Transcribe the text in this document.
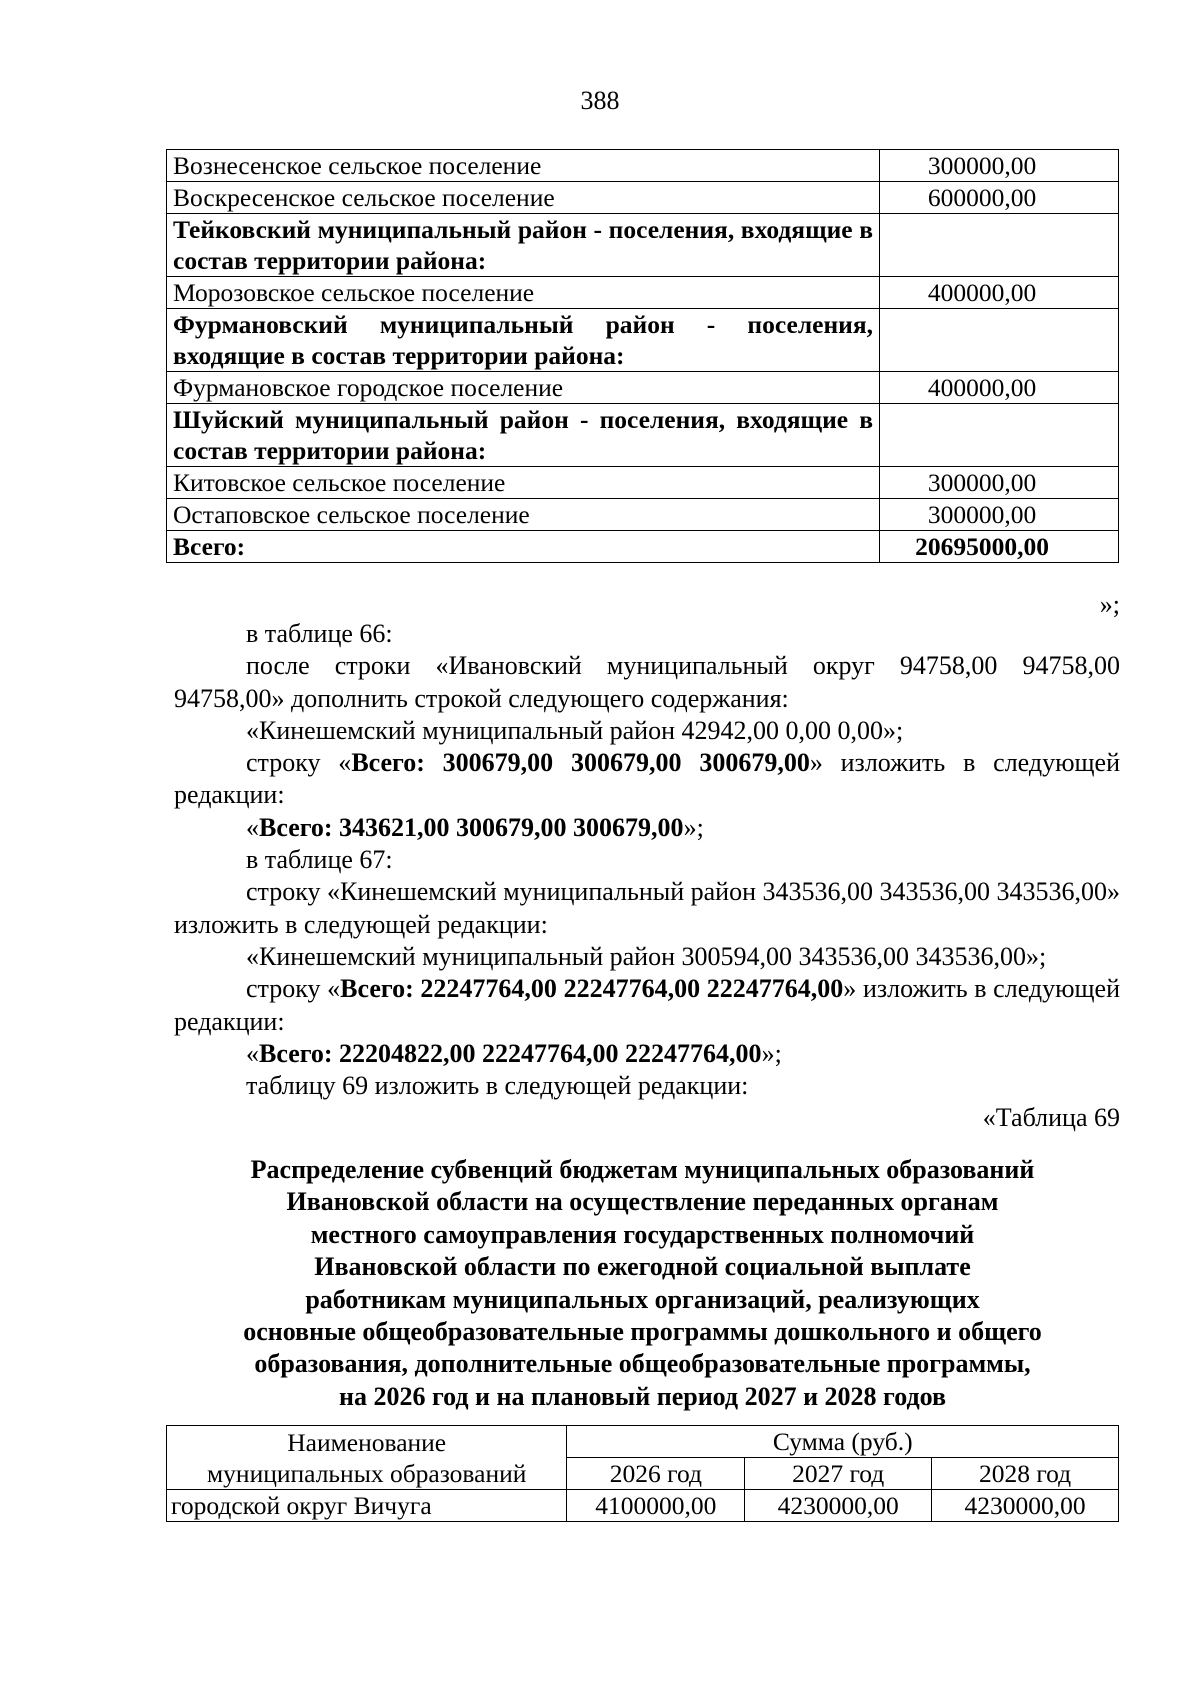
388
Вознесенское сельское поселение	300000,00
Воскресенское сельское поселение	600000,00
Тейковский муниципальный район - поселения, входящие в состав территории района:	
Морозовское сельское поселение	400000,00
Фурмановский муниципальный район - поселения, входящие в состав территории района:	
Фурмановское городское поселение	400000,00
Шуйский муниципальный район - поселения, входящие в состав территории района:	
Китовское сельское поселение	300000,00
Остаповское сельское поселение	300000,00
Всего:	20695000,00
»;

в таблице 66:

после строки «Ивановский муниципальный округ 94758,00 94758,00 94758,00» дополнить строкой следующего содержания:

«Кинешемский муниципальный район 42942,00 0,00 0,00»;

строку «Всего: 300679,00 300679,00 300679,00» изложить в следующей редакции:

«Всего: 343621,00 300679,00 300679,00»;

в таблице 67:

строку «Кинешемский муниципальный район 343536,00 343536,00 343536,00» изложить в следующей редакции:

«Кинешемский муниципальный район 300594,00 343536,00 343536,00»;

строку «Всего: 22247764,00 22247764,00 22247764,00» изложить в следующей редакции:

«Всего: 22204822,00 22247764,00 22247764,00»;

таблицу 69 изложить в следующей редакции:

«Таблица 69

Распределение субвенций бюджетам муниципальных образований
Ивановской области на осуществление переданных органам
местного самоуправления государственных полномочий
Ивановской области по ежегодной социальной выплате
работникам муниципальных организаций, реализующих
основные общеобразовательные программы дошкольного и общего
образования, дополнительные общеобразовательные программы,
на 2026 год и на плановый период 2027 и 2028 годов
Наименование
муниципальных образований	Сумма (руб.)		
	2026 год	2027 год	2028 год
городской округ Вичуга	4100000,00	4230000,00	4230000,00
